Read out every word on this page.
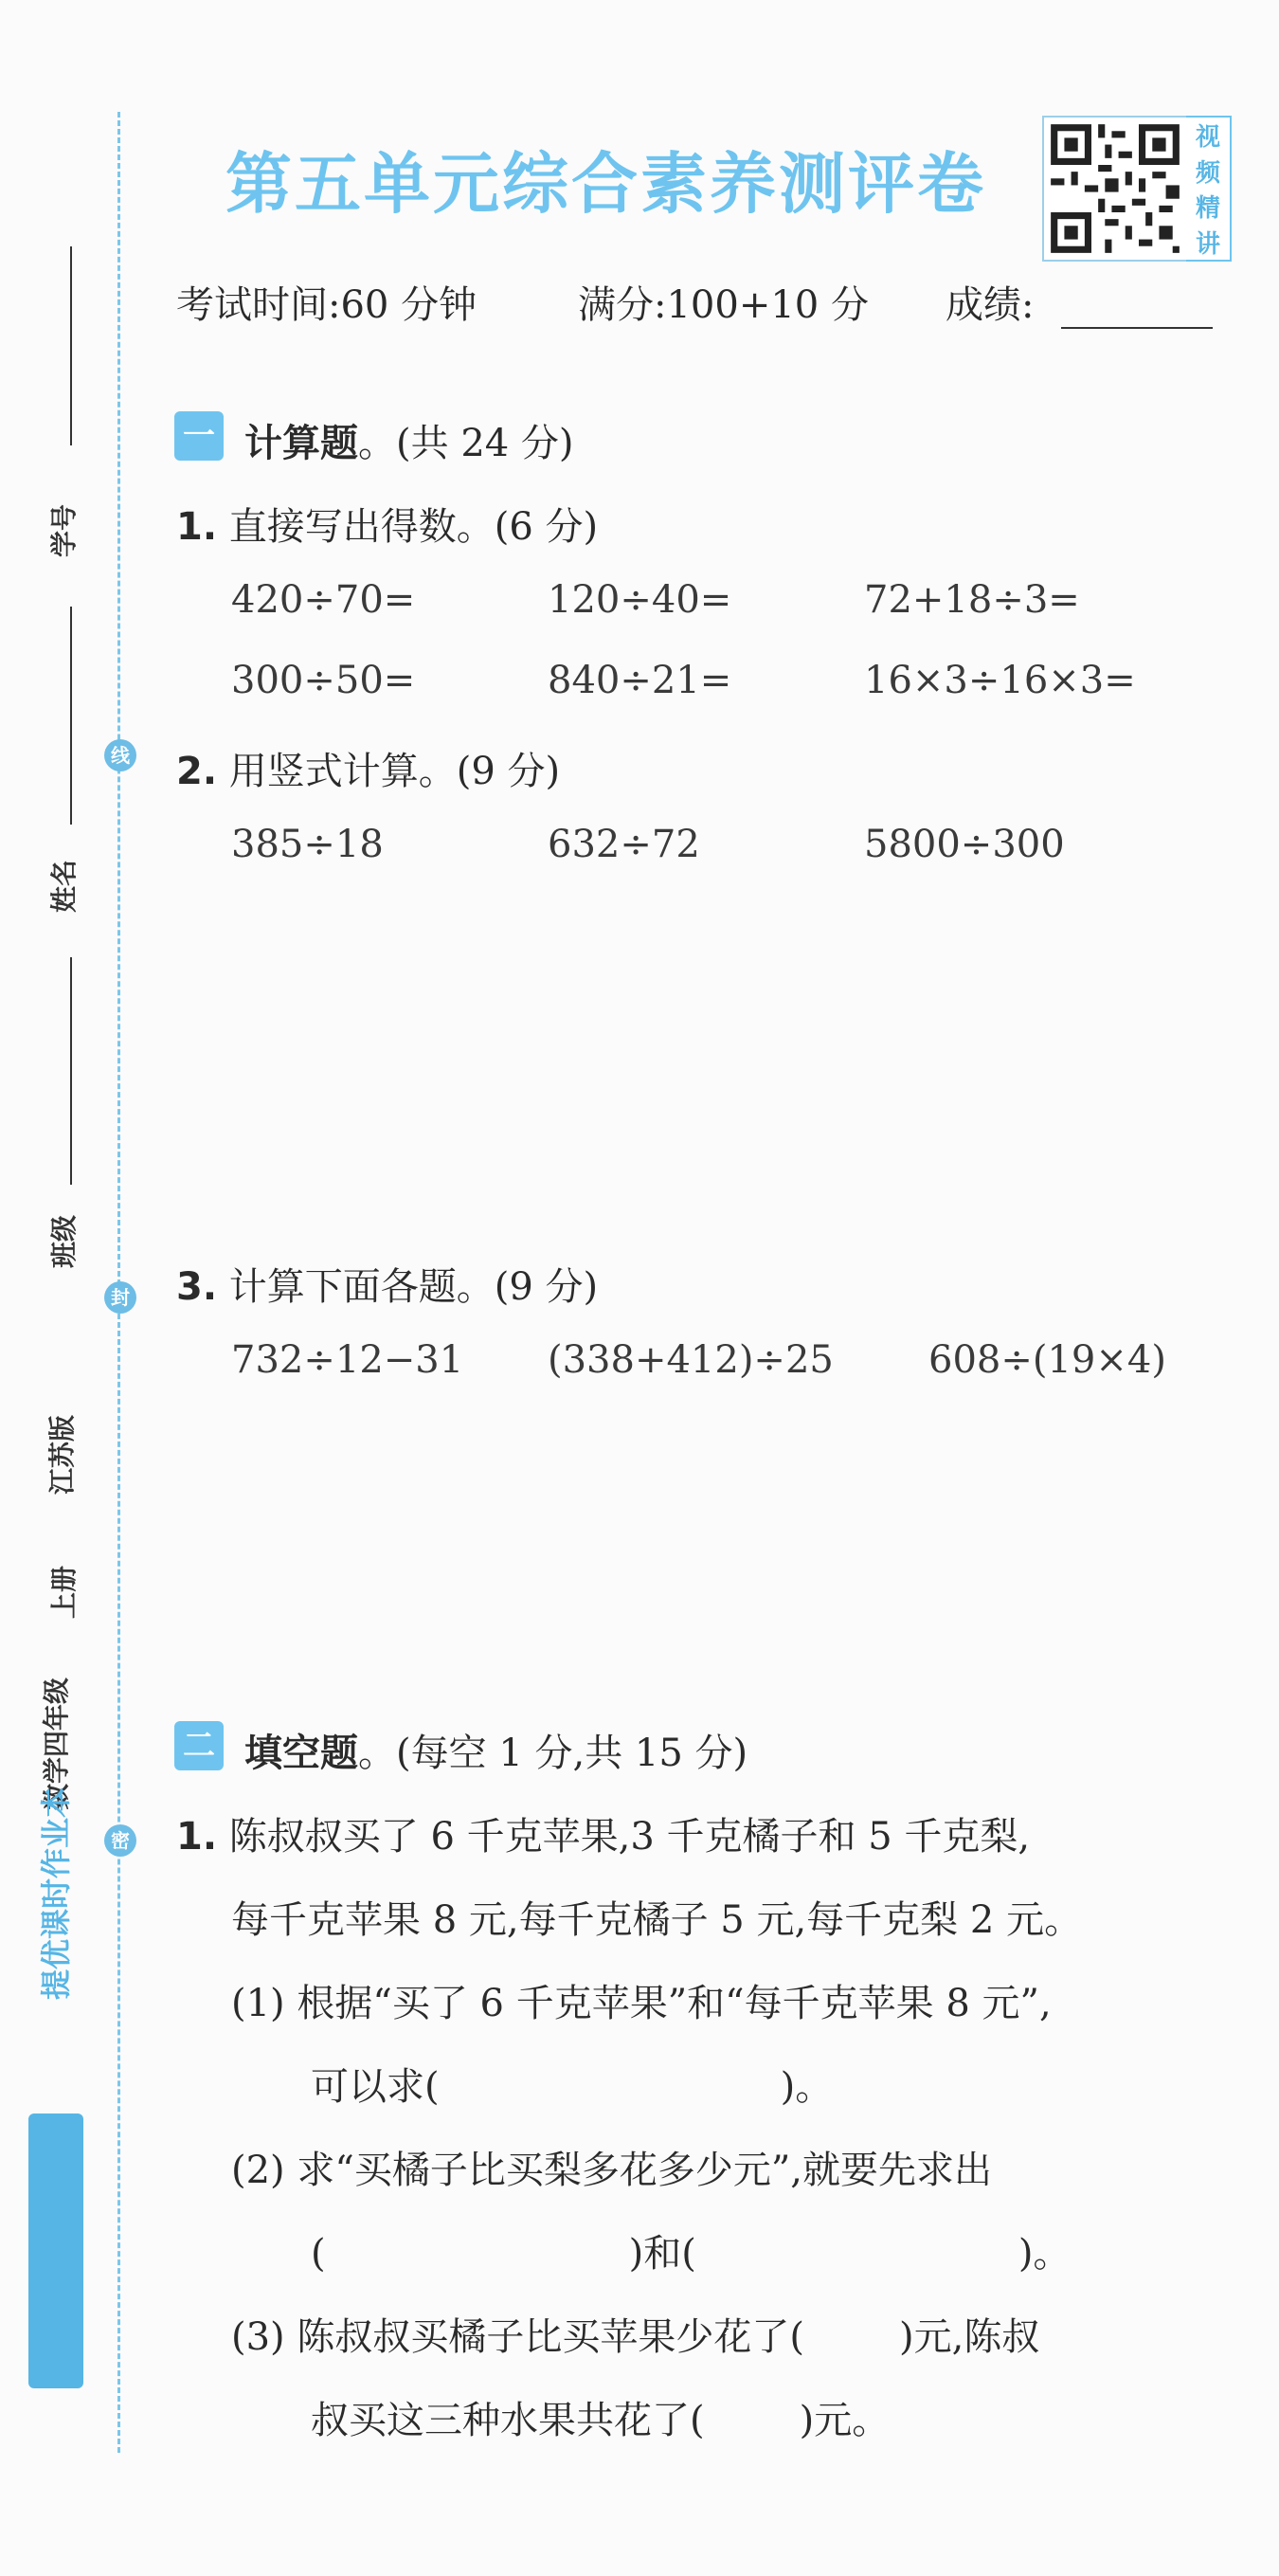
线
封
密
学号
姓名
班级
江苏版
上册
数学四年级
提优课时作业本
第五单元综合素养测评卷
视
频
精
讲
考试时间:60 分钟	满分:100+10 分 成绩:
一 计算题。(共 24 分)
1. 直接写出得数。(6 分)
420÷70=	120÷40=	72+18÷3=
300÷50=	840÷21=	16×3÷16×3=
2. 用竖式计算。(9 分)
385÷18	632÷72	5800÷300
3. 计算下面各题。(9 分)
732÷12−31 (338+412)÷25	608÷(19×4)
二 填空题。(每空 1 分,共 15 分)
1. 陈叔叔买了 6 千克苹果,3 千克橘子和 5 千克梨,
每千克苹果 8 元,每千克橘子 5 元,每千克梨 2 元。
(1) 根据“买了 6 千克苹果”和“每千克苹果 8 元”,
可以求(	)。
(2) 求“买橘子比买梨多花多少元”,就要先求出
(	)和(	)。
(3) 陈叔叔买橘子比买苹果少花了(	)元,陈叔
叔买这三种水果共花了(	)元。
